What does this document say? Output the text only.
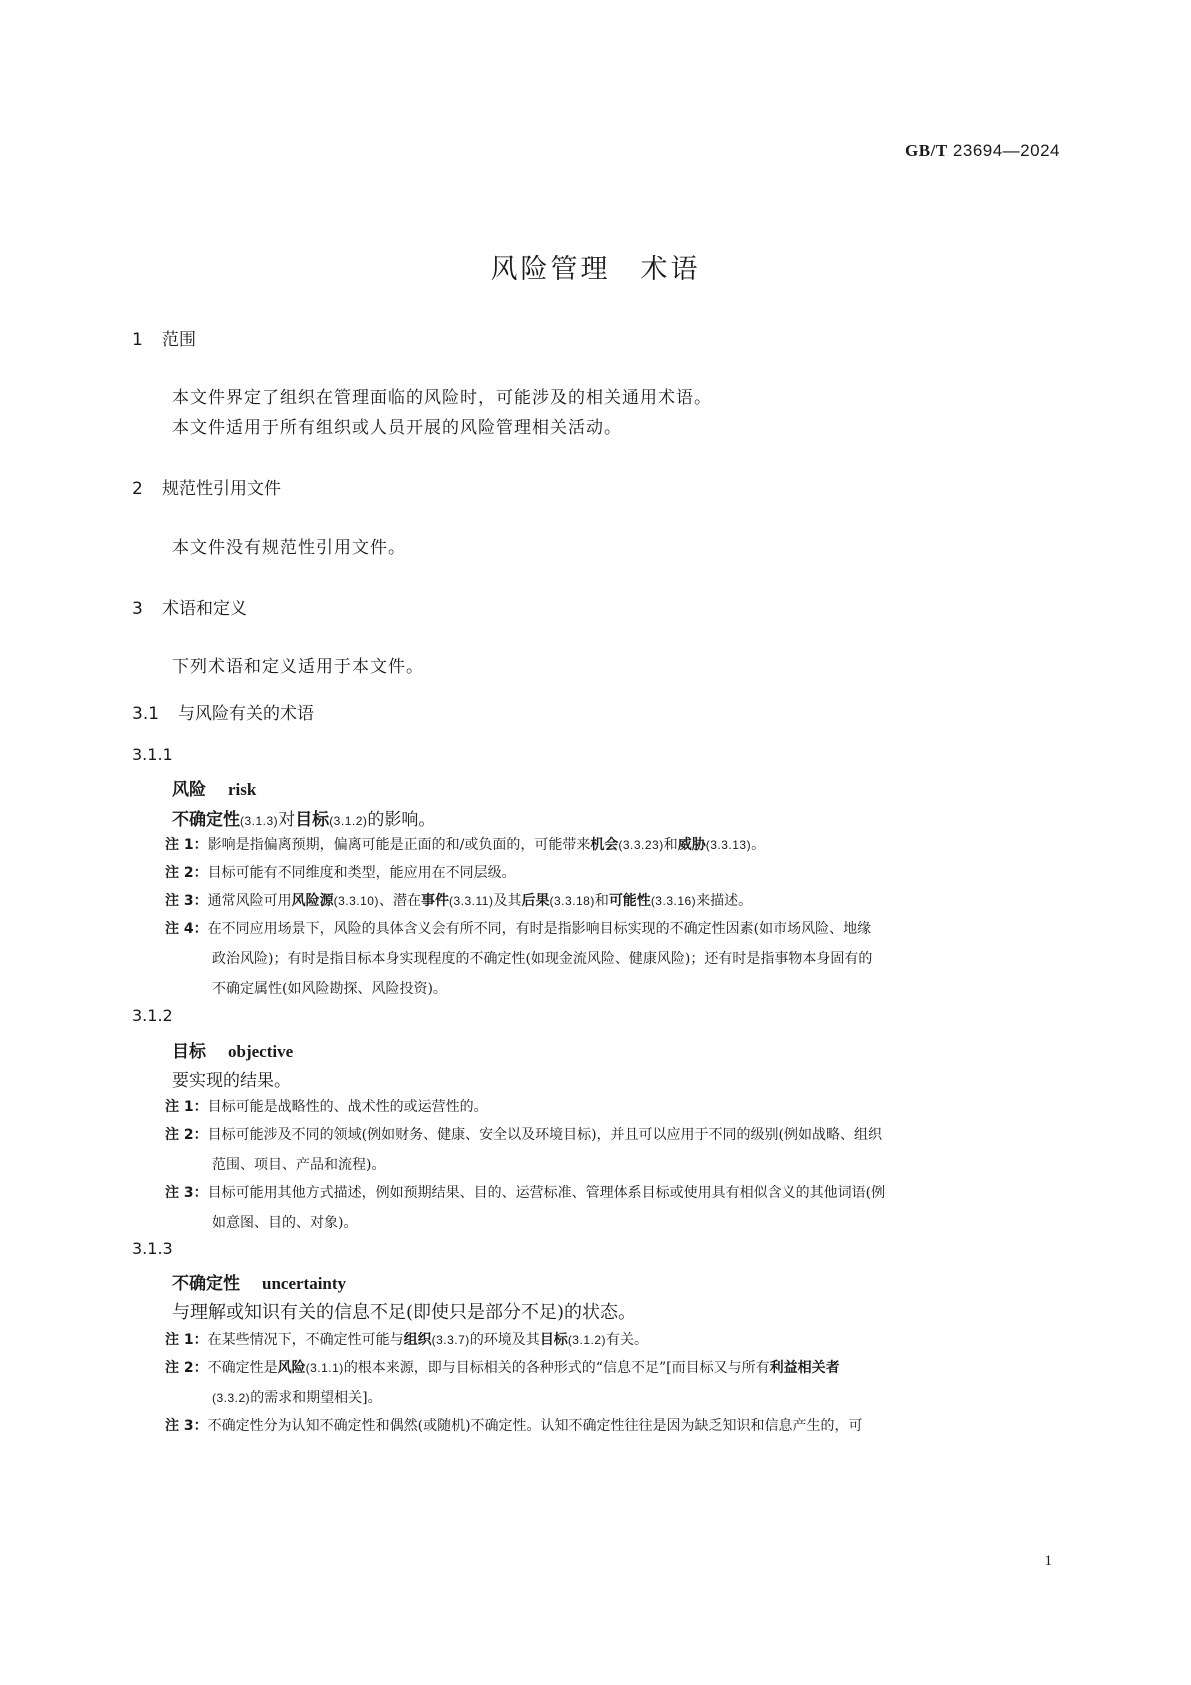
GB/T 23694—2024
风险管理　术语
1 范围
本文件界定了组织在管理面临的风险时，可能涉及的相关通用术语。
本文件适用于所有组织或人员开展的风险管理相关活动。
2 规范性引用文件
本文件没有规范性引用文件。
3 术语和定义
下列术语和定义适用于本文件。
3.1 与风险有关的术语
3.1.1
风险 risk
不确定性(3.1.3)对目标(3.1.2)的影响。
注 1：影响是指偏离预期，偏离可能是正面的和/或负面的，可能带来机会(3.3.23)和威胁(3.3.13)。
注 2：目标可能有不同维度和类型，能应用在不同层级。
注 3：通常风险可用风险源(3.3.10)、潜在事件(3.3.11)及其后果(3.3.18)和可能性(3.3.16)来描述。
注 4：在不同应用场景下，风险的具体含义会有所不同，有时是指影响目标实现的不确定性因素(如市场风险、地缘
政治风险)；有时是指目标本身实现程度的不确定性(如现金流风险、健康风险)；还有时是指事物本身固有的
不确定属性(如风险勘探、风险投资)。
3.1.2
目标 objective
要实现的结果。
注 1：目标可能是战略性的、战术性的或运营性的。
注 2：目标可能涉及不同的领域(例如财务、健康、安全以及环境目标)，并且可以应用于不同的级别(例如战略、组织
范围、项目、产品和流程)。
注 3：目标可能用其他方式描述，例如预期结果、目的、运营标准、管理体系目标或使用具有相似含义的其他词语(例
如意图、目的、对象)。
3.1.3
不确定性 uncertainty
与理解或知识有关的信息不足(即使只是部分不足)的状态。
注 1：在某些情况下，不确定性可能与组织(3.3.7)的环境及其目标(3.1.2)有关。
注 2：不确定性是风险(3.1.1)的根本来源，即与目标相关的各种形式的“信息不足”[而目标又与所有利益相关者
(3.3.2)的需求和期望相关]。
注 3：不确定性分为认知不确定性和偶然(或随机)不确定性。认知不确定性往往是因为缺乏知识和信息产生的，可
1
